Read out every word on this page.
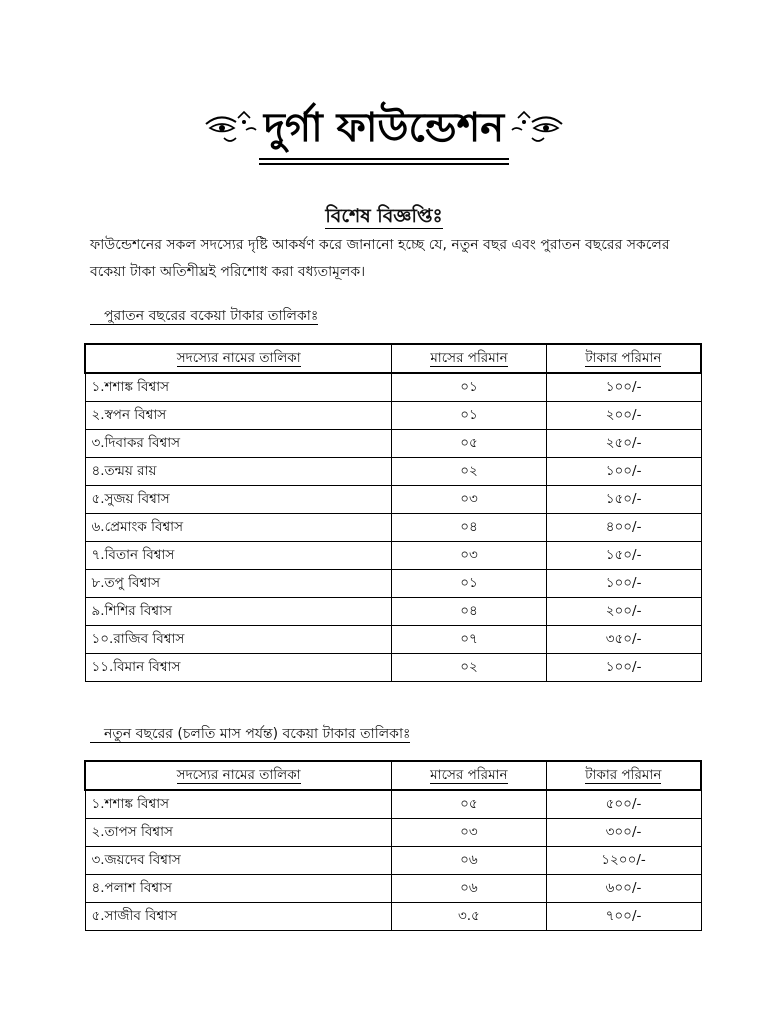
দুর্গা ফাউন্ডেশন
বিশেষ বিজ্ঞপ্তিঃ
ফাউন্ডেশনের সকল সদস্যের দৃষ্টি আকর্ষণ করে জানানো হচ্ছে যে, নতুন বছর এবং পুরাতন বছরের সকলের বকেয়া টাকা অতিশীঘ্রই পরিশোধ করা বধ্যতামূলক।
পুরাতন বছরের বকেয়া টাকার তালিকাঃ
সদস্যের নামের তালিকা	মাসের পরিমান	টাকার পরিমান
১.শশাঙ্ক বিশ্বাস	০১	১০০/-
২.স্বপন বিশ্বাস	০১	২০০/-
৩.দিবাকর বিশ্বাস	০৫	২৫০/-
৪.তন্ময় রায়	০২	১০০/-
৫.সুজয় বিশ্বাস	০৩	১৫০/-
৬.প্রেমাংক বিশ্বাস	০৪	৪০০/-
৭.বিতান বিশ্বাস	০৩	১৫০/-
৮.তপু বিশ্বাস	০১	১০০/-
৯.শিশির বিশ্বাস	০৪	২০০/-
১০.রাজিব বিশ্বাস	০৭	৩৫০/-
১১.বিমান বিশ্বাস	০২	১০০/-
নতুন বছরের (চলতি মাস পর্যন্ত) বকেয়া টাকার তালিকাঃ
সদস্যের নামের তালিকা	মাসের পরিমান	টাকার পরিমান
১.শশাঙ্ক বিশ্বাস	০৫	৫০০/-
২.তাপস বিশ্বাস	০৩	৩০০/-
৩.জয়দেব বিশ্বাস	০৬	১২০০/-
৪.পলাশ বিশ্বাস	০৬	৬০০/-
৫.সাজীব বিশ্বাস	৩.৫	৭০০/-
